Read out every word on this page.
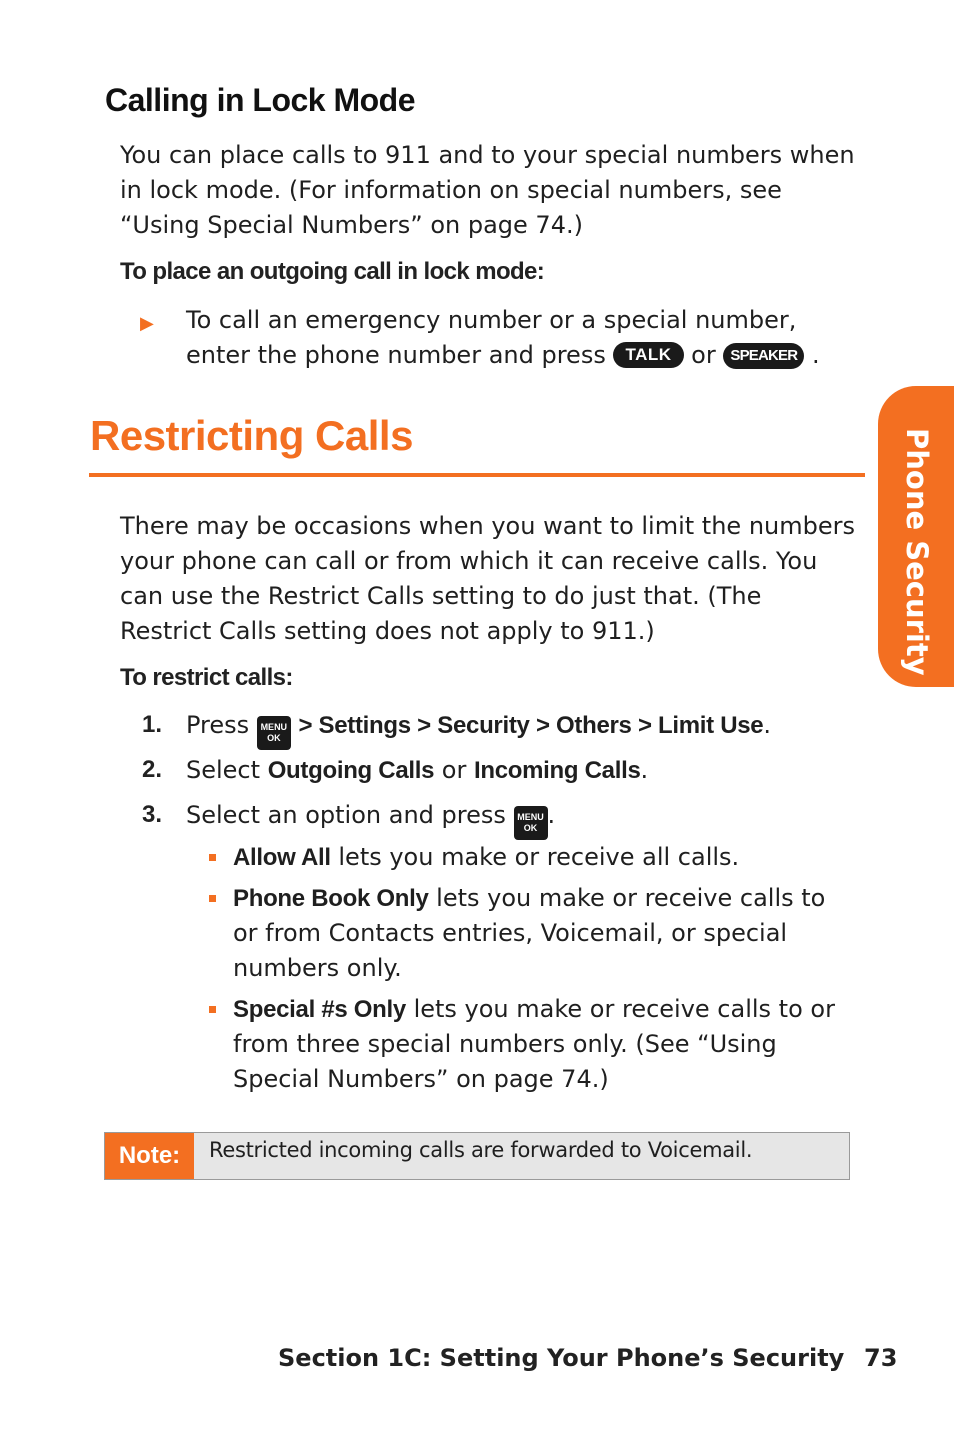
Calling in Lock Mode
You can place calls to 911 and to your special numbers when
in lock mode. (For information on special numbers, see
“Using Special Numbers” on page 74.)
To place an outgoing call in lock mode:
▶ To call an emergency number or a special number,
enter the phone number and press TALK or SPEAKER .
Restricting Calls
There may be occasions when you want to limit the numbers
your phone can call or from which it can receive calls. You
can use the Restrict Calls setting to do just that. (The
Restrict Calls setting does not apply to 911.)
To restrict calls:
1. Press	MENU
OK > Settings > Security > Others > Limit Use.
2. Select Outgoing Calls or Incoming Calls.
3. Select an option and press	MENU
OK .
Allow All lets you make or receive all calls.
Phone Book Only lets you make or receive calls to
or from Contacts entries, Voicemail, or special
numbers only.
Special #s Only lets you make or receive calls to or
from three special numbers only. (See “Using
Special Numbers” on page 74.)
Note:	Restricted incoming calls are forwarded to Voicemail.
Phone Security
Section 1C: Setting Your Phone’s Security 73
